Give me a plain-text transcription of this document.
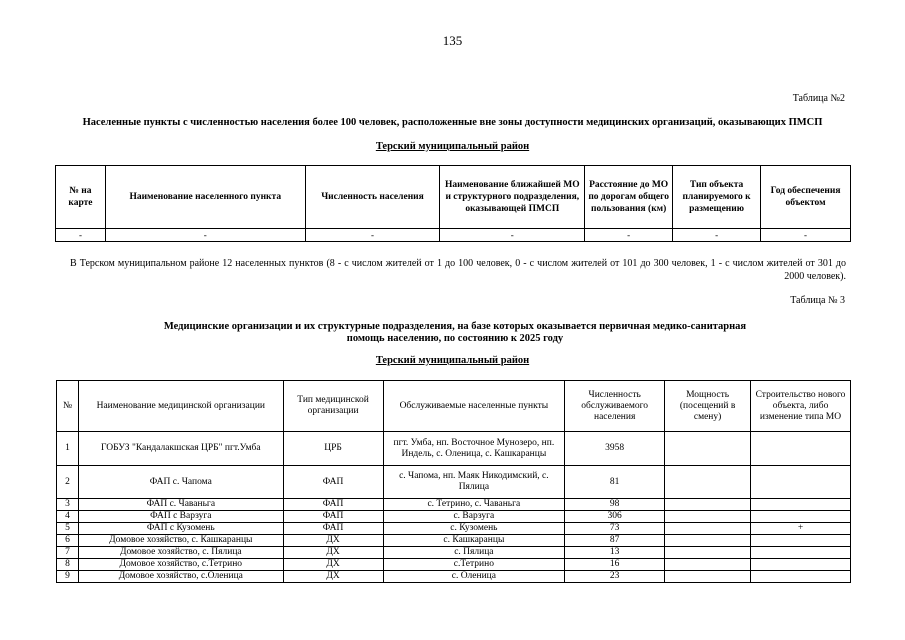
135
Таблица №2
Населенные пункты с численностью населения более 100 человек, расположенные вне зоны доступности медицинских организаций, оказывающих ПМСП
Терский муниципальный район
№ на карте	Наименование населенного пункта	Численность населения	Наименование ближайшей МО и структурного подразделения, оказывающей ПМСП	Расстояние до МО по дорогам общего пользования (км)	Тип объекта планируемого к размещению	Год обеспечения объектом
-	-	-	-	-	-	-
В Терском муниципальном районе 12 населенных пунктов (8 - с числом жителей от 1 до 100 человек, 0 - с числом жителей от 101 до 300 человек, 1 - с числом жителей от 301 до 2000 человек).
Таблица № 3
Медицинские организации и их структурные подразделения, на базе которых оказывается первичная медико-санитарная помощь населению, по состоянию к 2025 году
Терский муниципальный район
№	Наименование медицинской организации	Тип медицинской организации	Обслуживаемые населенные пункты	Численность обслуживаемого населения	Мощность (посещений в смену)	Строительство нового объекта, либо изменение типа МО
1	ГОБУЗ "Кандалакшская ЦРБ" пгт.Умба	ЦРБ	пгт. Умба, нп. Восточное Мунозеро, нп. Индель, с. Оленица, с. Кашкаранцы	3958		
2	ФАП с. Чапома	ФАП	с. Чапома, нп. Маяк Никодимский, с. Пялица	81		
3	ФАП с. Чаваньга	ФАП	с. Тетрино, с. Чаваньга	98		
4	ФАП с Варзуга	ФАП	с. Варзуга	306		
5	ФАП с Кузомень	ФАП	с. Кузомень	73		+
6	Домовое хозяйство, с. Кашкаранцы	ДХ	с. Кашкаранцы	87		
7	Домовое хозяйство, с. Пялица	ДХ	с. Пялица	13		
8	Домовое хозяйство, с.Тетрино	ДХ	с.Тетрино	16		
9	Домовое хозяйство, с.Оленица	ДХ	с. Оленица	23		
